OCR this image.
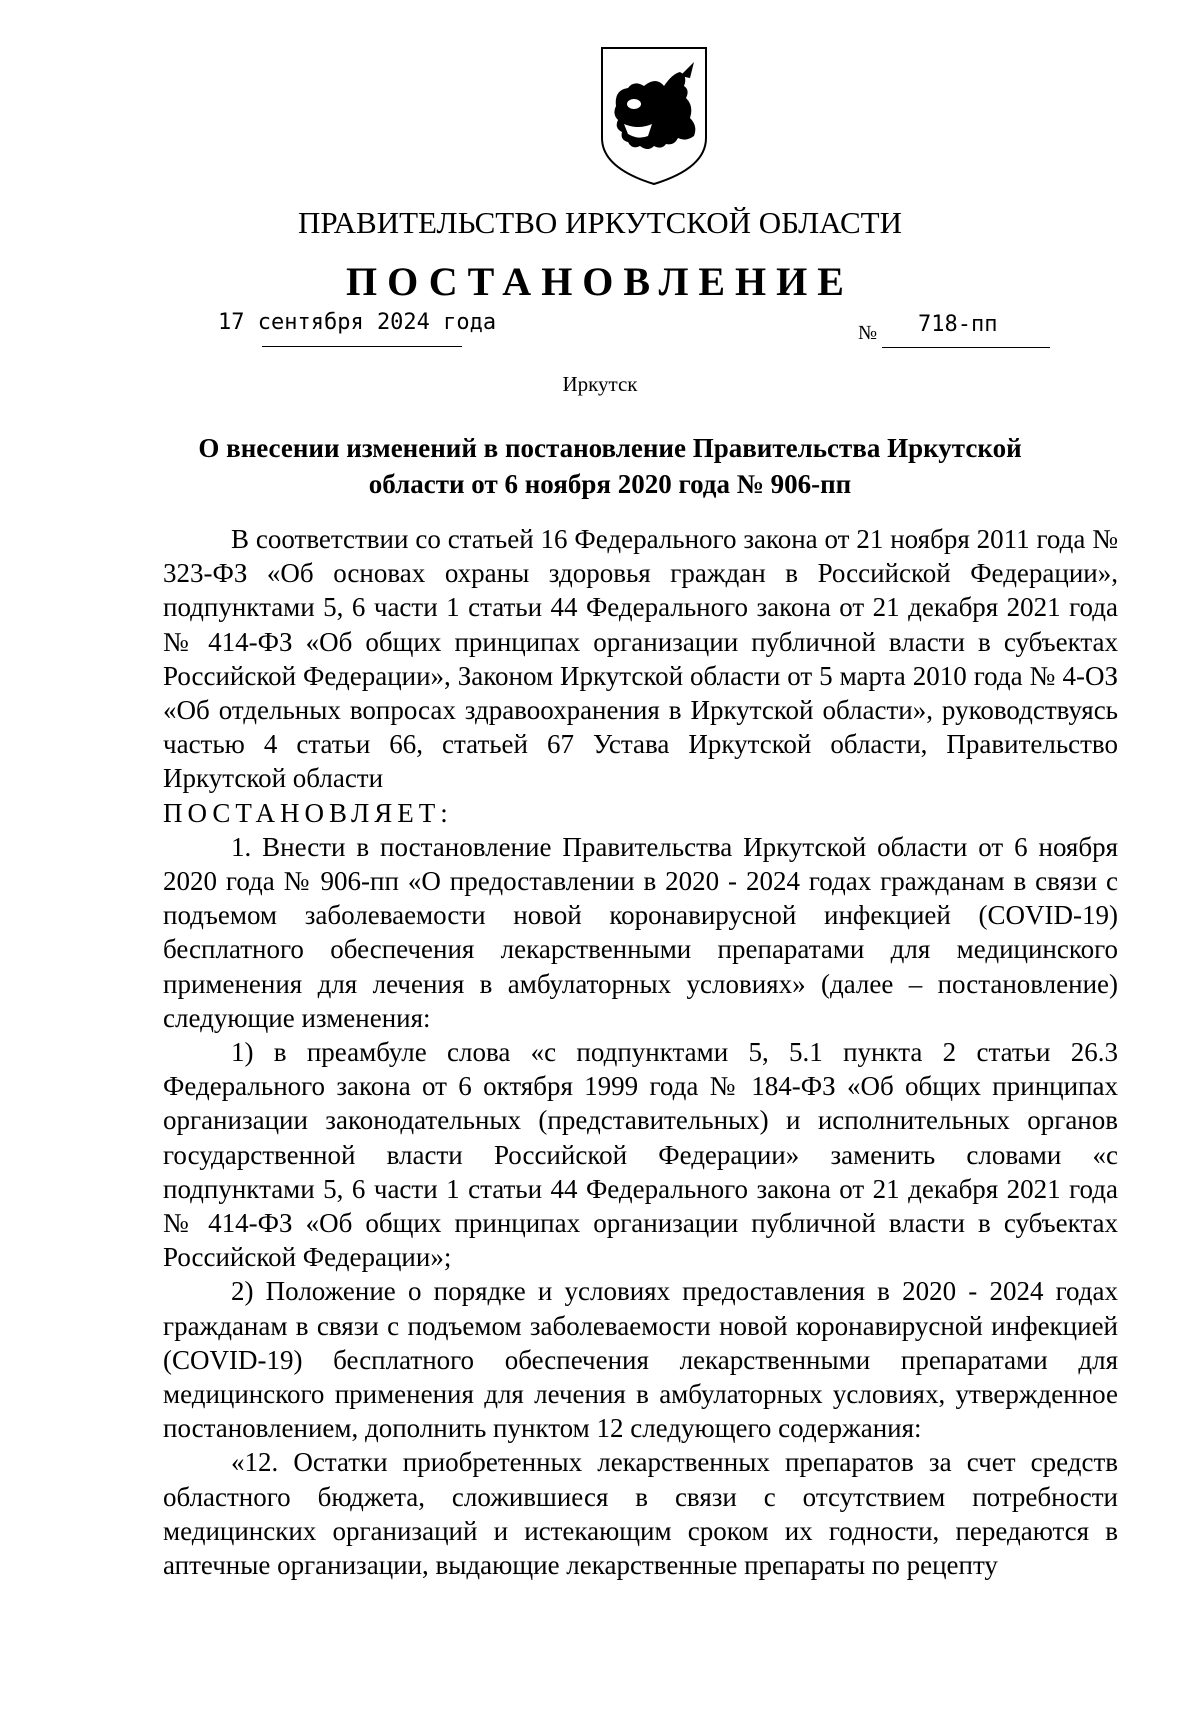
ПРАВИТЕЛЬСТВО ИРКУТСКОЙ ОБЛАСТИ
ПОСТАНОВЛЕНИЕ
17 сентября 2024 года	№ 718-пп
Иркутск
О внесении изменений в постановление Правительства Иркутской
области от 6 ноября 2020 года № 906-пп

В соответствии со статьей 16 Федерального закона от 21 ноября 2011 года № 323-ФЗ «Об основах охраны здоровья граждан в Российской Федерации», подпунктами 5, 6 части 1 статьи 44 Федерального закона от 21 декабря 2021 года № 414-ФЗ «Об общих принципах организации публичной власти в субъектах Российской Федерации», Законом Иркутской области от 5 марта 2010 года № 4-ОЗ «Об отдельных вопросах здравоохранения в Иркутской области», руководствуясь частью 4 статьи 66, статьей 67 Устава Иркутской области, Правительство Иркутской области

ПОСТАНОВЛЯЕТ:

1. Внести в постановление Правительства Иркутской области от 6 ноября 2020 года № 906-пп «О предоставлении в 2020 - 2024 годах гражданам в связи с подъемом заболеваемости новой коронавирусной инфекцией (COVID-19) бесплатного обеспечения лекарственными препаратами для медицинского применения для лечения в амбулаторных условиях» (далее – постановление) следующие изменения:

1) в преамбуле слова «с подпунктами 5, 5.1 пункта 2 статьи 26.3 Федерального закона от 6 октября 1999 года № 184-ФЗ «Об общих принципах организации законодательных (представительных) и исполнительных органов государственной власти Российской Федерации» заменить словами «с подпунктами 5, 6 части 1 статьи 44 Федерального закона от 21 декабря 2021 года № 414-ФЗ «Об общих принципах организации публичной власти в субъектах Российской Федерации»;

2) Положение о порядке и условиях предоставления в 2020 - 2024 годах гражданам в связи с подъемом заболеваемости новой коронавирусной инфекцией (COVID-19) бесплатного обеспечения лекарственными препаратами для медицинского применения для лечения в амбулаторных условиях, утвержденное постановлением, дополнить пунктом 12 следующего содержания:

«12. Остатки приобретенных лекарственных препаратов за счет средств областного бюджета, сложившиеся в связи с отсутствием потребности медицинских организаций и истекающим сроком их годности, передаются в аптечные организации, выдающие лекарственные препараты по рецепту
